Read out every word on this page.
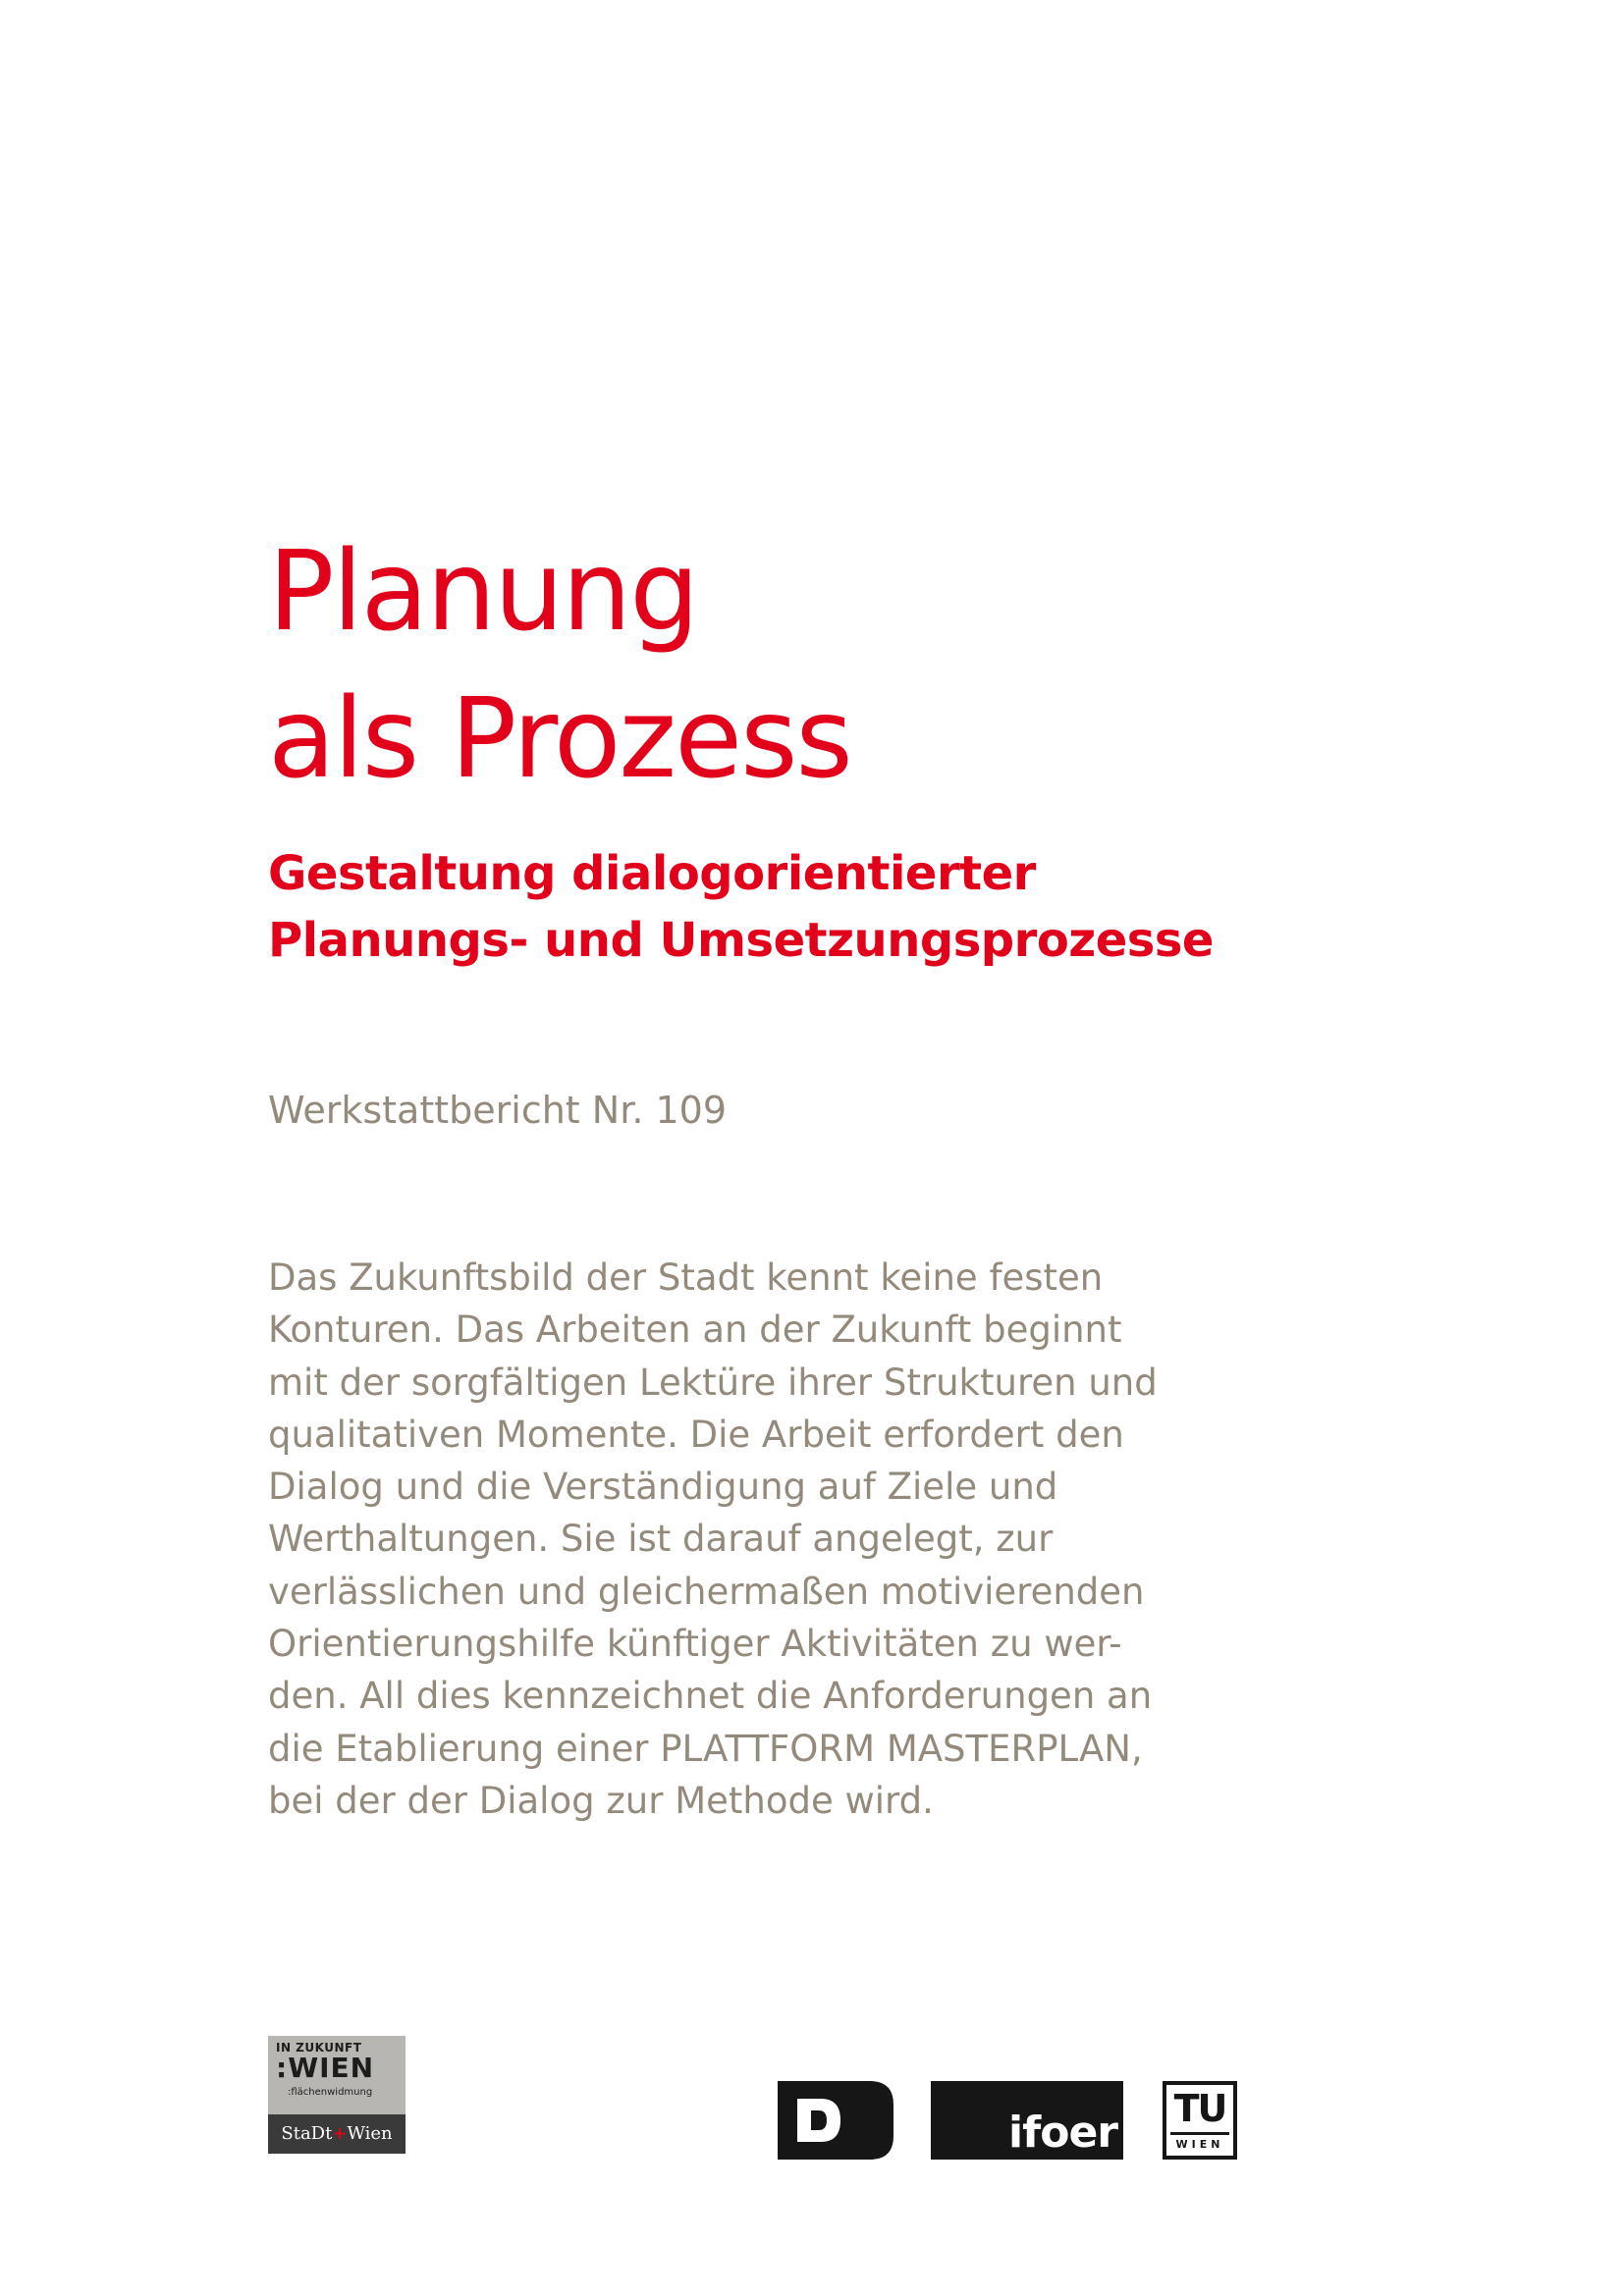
Planung
als Prozess
Gestaltung dialogorientierter
Planungs- und Umsetzungsprozesse
Werkstattbericht Nr. 109
Das Zukunftsbild der Stadt kennt keine festen
Konturen. Das Arbeiten an der Zukunft beginnt
mit der sorgfältigen Lektüre ihrer Strukturen und
qualitativen Momente. Die Arbeit erfordert den
Dialog und die Verständigung auf Ziele und
Werthaltungen. Sie ist darauf angelegt, zur
verlässlichen und gleichermaßen motivierenden
Orientierungshilfe künftiger Aktivitäten zu wer-
den. All dies kennzeichnet die Anforderungen an
die Etablierung einer PLATTFORM MASTERPLAN,
bei der der Dialog zur Methode wird.
IN ZUKUNFT
:WIEN
:flächenwidmung
StaDt+Wien	ifoer TU
WIEN
